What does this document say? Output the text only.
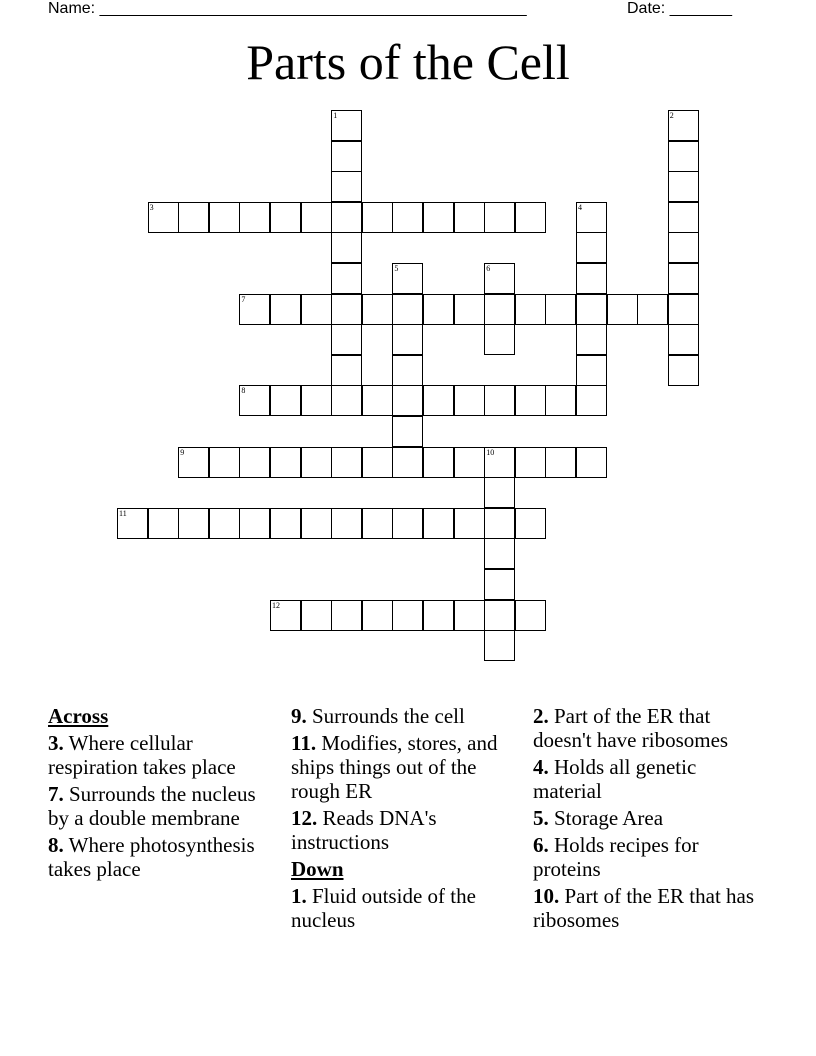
Name: ________________________________________________	Date: _______
Parts of the Cell
1	2
3	4
5	6
7
8
9	10
11
12
Across
3. Where cellular respiration takes place
7. Surrounds the nucleus by a double membrane
8. Where photosynthesis takes place
9. Surrounds the cell
11. Modifies, stores, and ships things out of the rough ER
12. Reads DNA's instructions
Down
1. Fluid outside of the nucleus
2. Part of the ER that doesn't have ribosomes
4. Holds all genetic material
5. Storage Area
6. Holds recipes for proteins
10. Part of the ER that has ribosomes
